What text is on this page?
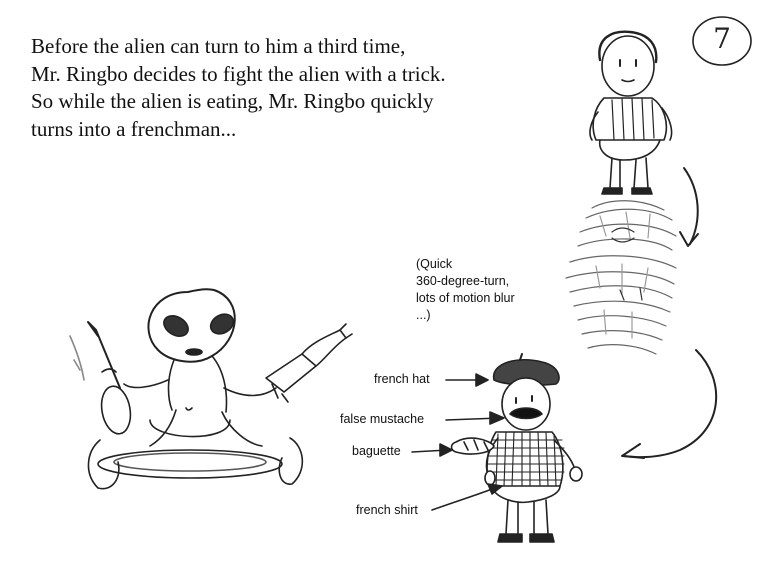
7
Before the alien can turn to him a third time,
Mr. Ringbo decides to fight the alien with a trick.
So while the alien is eating, Mr. Ringbo quickly
turns into a frenchman...
(Quick
360-degree-turn,
lots of motion blur
...)
french hat
false mustache
baguette
french shirt
